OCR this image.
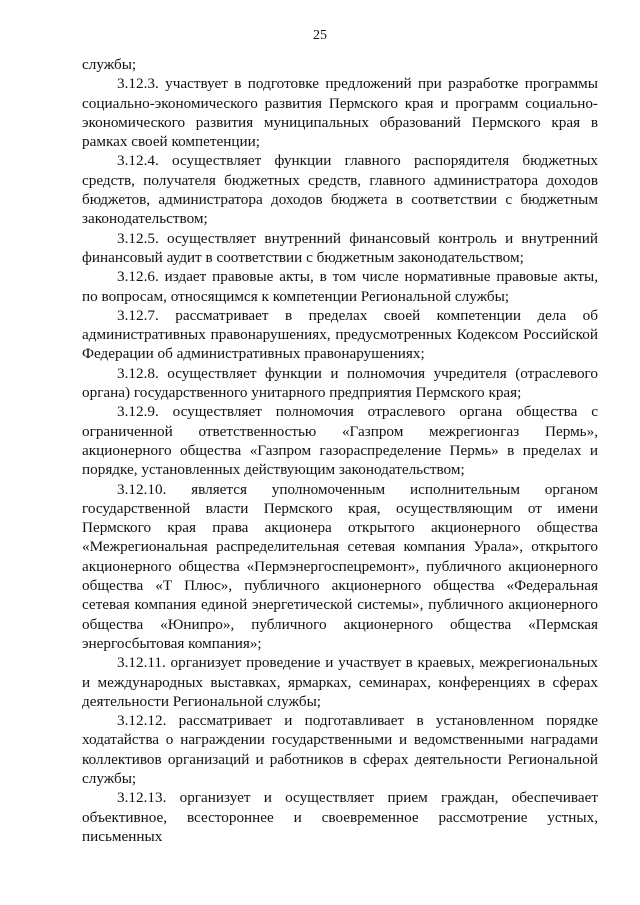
25

службы;

3.12.3. участвует в подготовке предложений при разработке программы социально-экономического развития Пермского края и программ социально-экономического развития муниципальных образований Пермского края в рамках своей компетенции;

3.12.4. осуществляет функции главного распорядителя бюджетных средств, получателя бюджетных средств, главного администратора доходов бюджетов, администратора доходов бюджета в соответствии с бюджетным законодательством;

3.12.5. осуществляет внутренний финансовый контроль и внутренний финансовый аудит в соответствии с бюджетным законодательством;

3.12.6. издает правовые акты, в том числе нормативные правовые акты, по вопросам, относящимся к компетенции Региональной службы;

3.12.7. рассматривает в пределах своей компетенции дела об административных правонарушениях, предусмотренных Кодексом Российской Федерации об административных правонарушениях;

3.12.8. осуществляет функции и полномочия учредителя (отраслевого органа) государственного унитарного предприятия Пермского края;

3.12.9. осуществляет полномочия отраслевого органа общества с ограниченной ответственностью «Газпром межрегионгаз Пермь», акционерного общества «Газпром газораспределение Пермь» в пределах и порядке, установленных действующим законодательством;

3.12.10. является уполномоченным исполнительным органом государственной власти Пермского края, осуществляющим от имени Пермского края права акционера открытого акционерного общества «Межрегиональная распределительная сетевая компания Урала», открытого акционерного общества «Пермэнергоспецремонт», публичного акционерного общества «Т Плюс», публичного акционерного общества «Федеральная сетевая компания единой энергетической системы», публичного акционерного общества «Юнипро», публичного акционерного общества «Пермская энергосбытовая компания»;

3.12.11. организует проведение и участвует в краевых, межрегиональных и международных выставках, ярмарках, семинарах, конференциях в сферах деятельности Региональной службы;

3.12.12. рассматривает и подготавливает в установленном порядке ходатайства о награждении государственными и ведомственными наградами коллективов организаций и работников в сферах деятельности Региональной службы;

3.12.13. организует и осуществляет прием граждан, обеспечивает объективное, всестороннее и своевременное рассмотрение устных, письменных
